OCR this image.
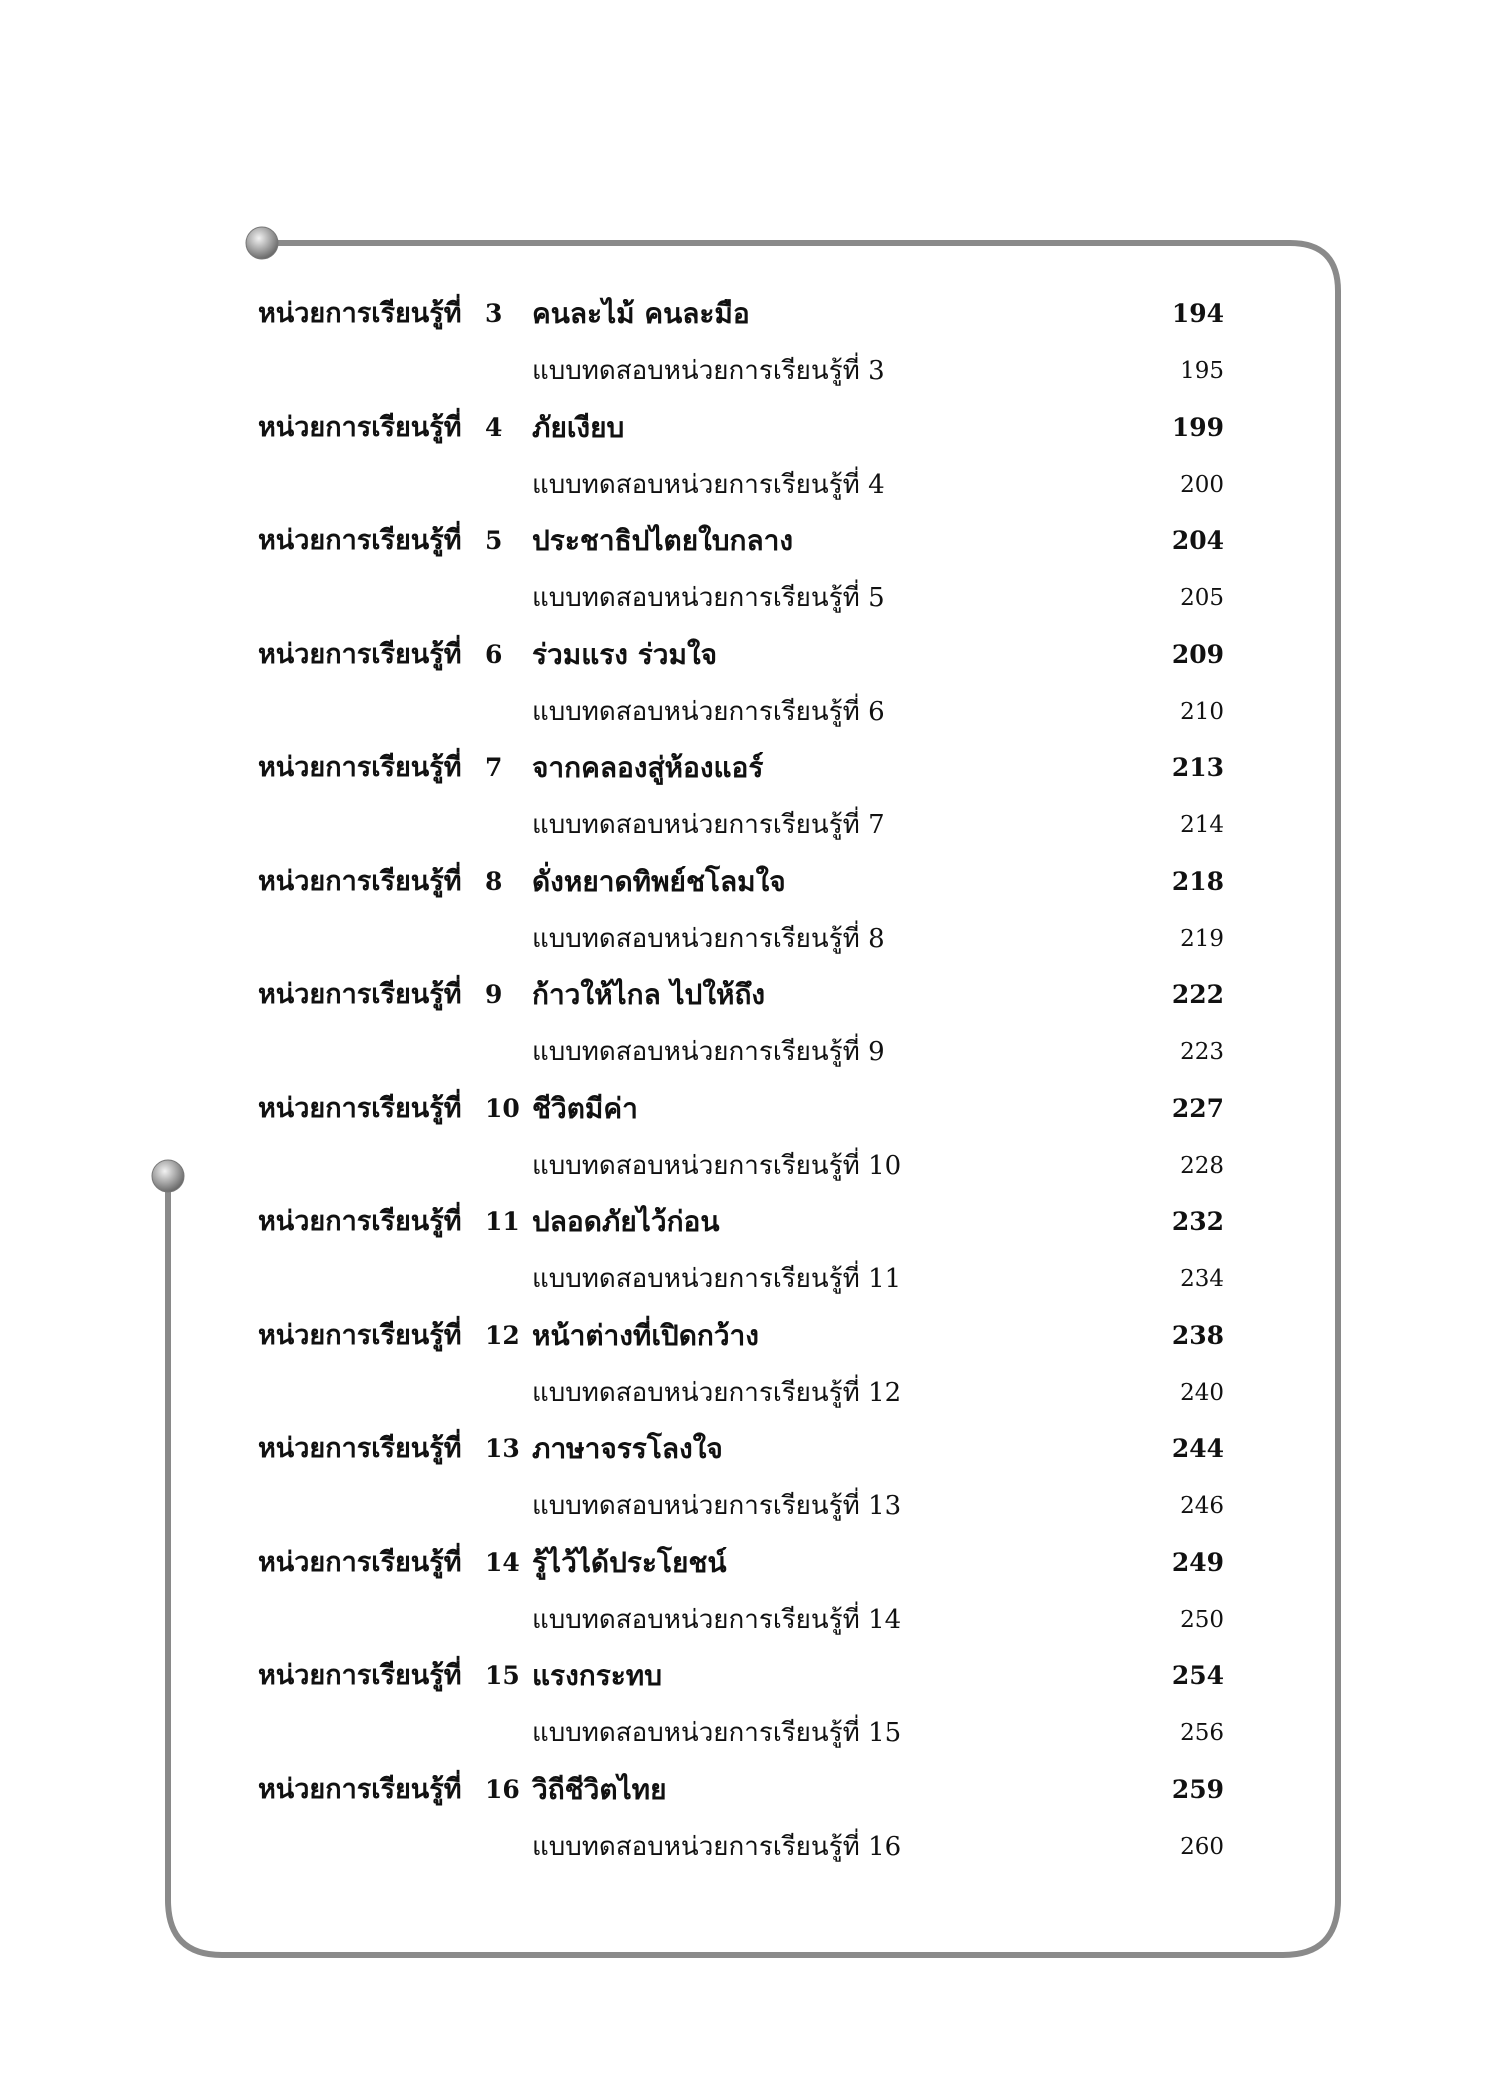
หน่วยการเรียนรู้ที่ 3 คนละไม้ คนละมือ	194
แบบทดสอบหน่วยการเรียนรู้ที่ 3	195
หน่วยการเรียนรู้ที่ 4 ภัยเงียบ	199
แบบทดสอบหน่วยการเรียนรู้ที่ 4	200
หน่วยการเรียนรู้ที่ 5 ประชาธิปไตยใบกลาง	204
แบบทดสอบหน่วยการเรียนรู้ที่ 5	205
หน่วยการเรียนรู้ที่ 6 ร่วมแรง ร่วมใจ	209
แบบทดสอบหน่วยการเรียนรู้ที่ 6	210
หน่วยการเรียนรู้ที่ 7 จากคลองสู่ห้องแอร์	213
แบบทดสอบหน่วยการเรียนรู้ที่ 7	214
หน่วยการเรียนรู้ที่ 8 ดั่งหยาดทิพย์ชโลมใจ	218
แบบทดสอบหน่วยการเรียนรู้ที่ 8	219
หน่วยการเรียนรู้ที่ 9 ก้าวให้ไกล ไปให้ถึง	222
แบบทดสอบหน่วยการเรียนรู้ที่ 9	223
หน่วยการเรียนรู้ที่ 10 ชีวิตมีค่า	227
แบบทดสอบหน่วยการเรียนรู้ที่ 10	228
หน่วยการเรียนรู้ที่ 11 ปลอดภัยไว้ก่อน	232
แบบทดสอบหน่วยการเรียนรู้ที่ 11	234
หน่วยการเรียนรู้ที่ 12 หน้าต่างที่เปิดกว้าง	238
แบบทดสอบหน่วยการเรียนรู้ที่ 12	240
หน่วยการเรียนรู้ที่ 13 ภาษาจรรโลงใจ	244
แบบทดสอบหน่วยการเรียนรู้ที่ 13	246
หน่วยการเรียนรู้ที่ 14 รู้ไว้ได้ประโยชน์	249
แบบทดสอบหน่วยการเรียนรู้ที่ 14	250
หน่วยการเรียนรู้ที่ 15 แรงกระทบ	254
แบบทดสอบหน่วยการเรียนรู้ที่ 15	256
หน่วยการเรียนรู้ที่ 16 วิถีชีวิตไทย	259
แบบทดสอบหน่วยการเรียนรู้ที่ 16	260
